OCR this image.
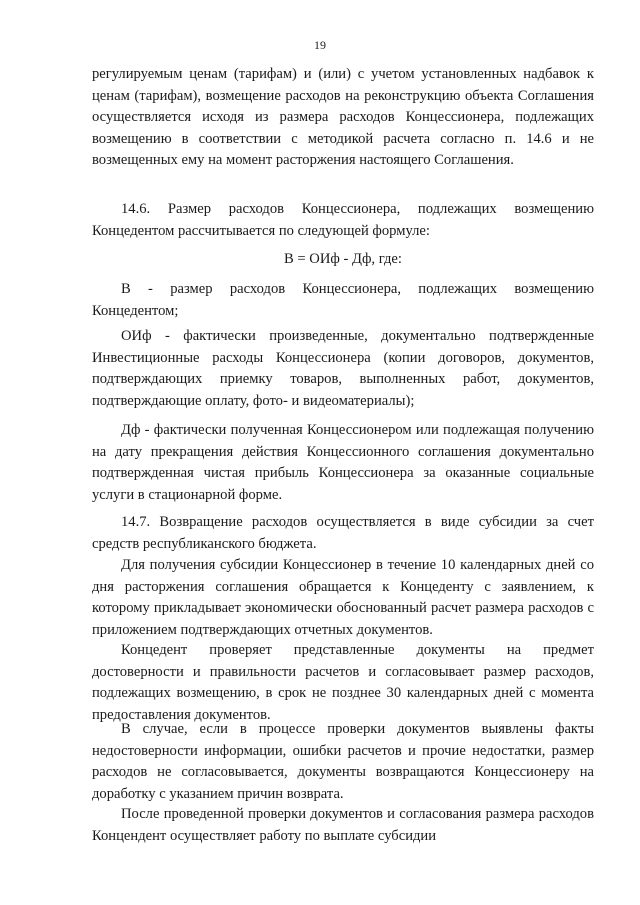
19

регулируемым ценам (тарифам) и (или) с учетом установленных надбавок к ценам (тарифам), возмещение расходов на реконструкцию объекта Соглашения осуществляется исходя из размера расходов Концессионера, подлежащих возмещению в соответствии с методикой расчета согласно п. 14.6 и не возмещенных ему на момент расторжения настоящего Соглашения.

14.6. Размер расходов Концессионера, подлежащих возмещению Концедентом рассчитывается по следующей формуле:

В = ОИф - Дф, где:

В - размер расходов Концессионера, подлежащих возмещению Концедентом;

ОИф - фактически произведенные, документально подтвержденные Инвестиционные расходы Концессионера (копии договоров, документов, подтверждающих приемку товаров, выполненных работ, документов, подтверждающие оплату, фото- и видеоматериалы);

Дф - фактически полученная Концессионером или подлежащая получению на дату прекращения действия Концессионного соглашения документально подтвержденная чистая прибыль Концессионера за оказанные социальные услуги в стационарной форме.

14.7. Возвращение расходов осуществляется в виде субсидии за счет средств республиканского бюджета.

Для получения субсидии Концессионер в течение 10 календарных дней со дня расторжения соглашения обращается к Концеденту с заявлением, к которому прикладывает экономически обоснованный расчет размера расходов с приложением подтверждающих отчетных документов.

Концедент проверяет представленные документы на предмет достоверности и правильности расчетов и согласовывает размер расходов, подлежащих возмещению, в срок не позднее 30 календарных дней с момента предоставления документов.

В случае, если в процессе проверки документов выявлены факты недостоверности информации, ошибки расчетов и прочие недостатки, размер расходов не согласовывается, документы возвращаются Концессионеру на доработку с указанием причин возврата.

После проведенной проверки документов и согласования размера расходов Концендент осуществляет работу по выплате субсидии
